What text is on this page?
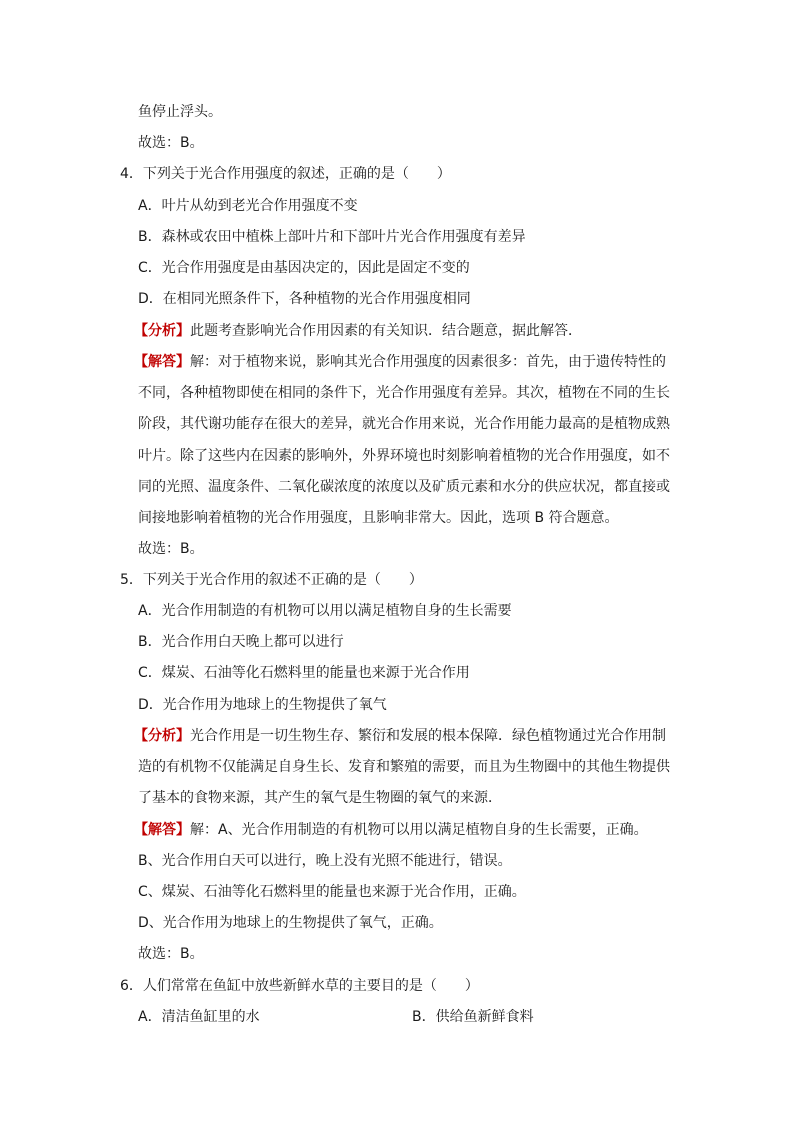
鱼停止浮头。
故选：B。
4．下列关于光合作用强度的叙述，正确的是（　　）
A．叶片从幼到老光合作用强度不变
B．森林或农田中植株上部叶片和下部叶片光合作用强度有差异
C．光合作用强度是由基因决定的，因此是固定不变的
D．在相同光照条件下，各种植物的光合作用强度相同
【分析】此题考查影响光合作用因素的有关知识．结合题意，据此解答．
【解答】解：对于植物来说，影响其光合作用强度的因素很多：首先，由于遗传特性的
不同，各种植物即使在相同的条件下，光合作用强度有差异。其次，植物在不同的生长
阶段，其代谢功能存在很大的差异，就光合作用来说，光合作用能力最高的是植物成熟
叶片。除了这些内在因素的影响外，外界环境也时刻影响着植物的光合作用强度，如不
同的光照、温度条件、二氧化碳浓度的浓度以及矿质元素和水分的供应状况，都直接或
间接地影响着植物的光合作用强度，且影响非常大。因此，选项 B 符合题意。
故选：B。
5．下列关于光合作用的叙述不正确的是（　　）
A．光合作用制造的有机物可以用以满足植物自身的生长需要
B．光合作用白天晚上都可以进行
C．煤炭、石油等化石燃料里的能量也来源于光合作用
D．光合作用为地球上的生物提供了氧气
【分析】光合作用是一切生物生存、繁衍和发展的根本保障．绿色植物通过光合作用制
造的有机物不仅能满足自身生长、发育和繁殖的需要，而且为生物圈中的其他生物提供
了基本的食物来源，其产生的氧气是生物圈的氧气的来源．
【解答】解：A、光合作用制造的有机物可以用以满足植物自身的生长需要，正确。
B、光合作用白天可以进行，晚上没有光照不能进行，错误。
C、煤炭、石油等化石燃料里的能量也来源于光合作用，正确。
D、光合作用为地球上的生物提供了氧气，正确。
故选：B。
6．人们常常在鱼缸中放些新鲜水草的主要目的是（　　）
A．清洁鱼缸里的水	B．供给鱼新鲜食料
